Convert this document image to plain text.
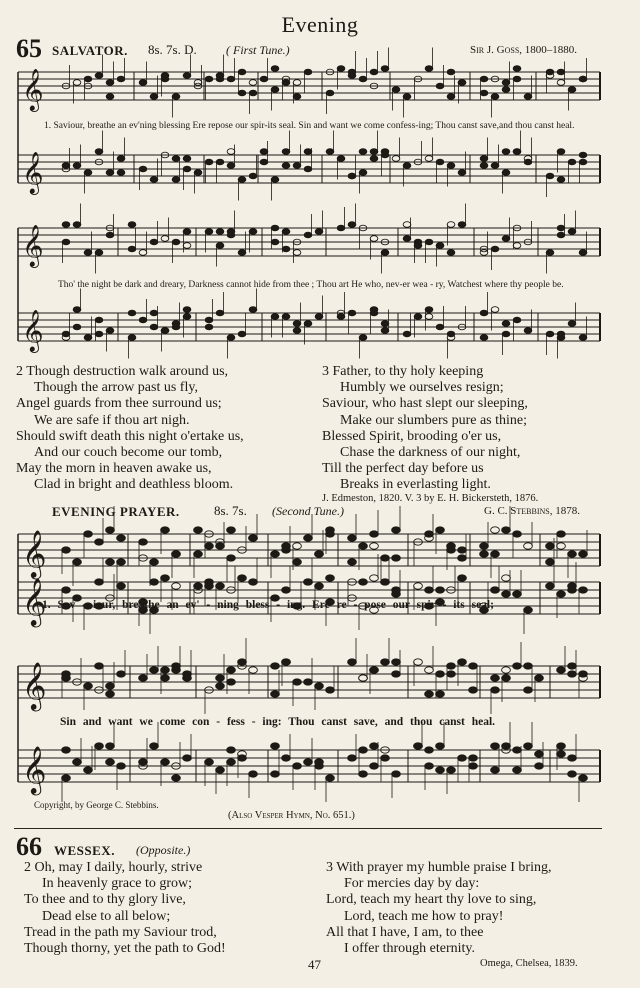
Evening
65 SALVATOR. 8s. 7s. D. ( First Tune.)	Sir J. Goss, 1800–1880.
𝄞
𝄞
𝄞
𝄞
𝄞
𝄞
𝄞
𝄞
1. Saviour, breathe an ev'ning blessing Ere repose our spir-its seal. Sin and want we come confess-ing; Thou canst save,and thou canst heal.
Tho' the night be dark and dreary, Darkness cannot hide from thee ; Thou art He who, nev-er wea - ry, Watchest where thy people be.
2 Though destruction walk around us,
Though the arrow past us fly,
Angel guards from thee surround us;
We are safe if thou art nigh.
Should swift death this night o'ertake us,
And our couch become our tomb,
May the morn in heaven awake us,
Clad in bright and deathless bloom.
3 Father, to thy holy keeping
Humbly we ourselves resign;
Saviour, who hast slept our sleeping,
Make our slumbers pure as thine;
Blessed Spirit, brooding o'er us,
Chase the darkness of our night,
Till the perfect day before us
Breaks in everlasting light.
J. Edmeston, 1820. V. 3 by E. H. Bickersteth, 1876.
EVENING PRAYER.	8s. 7s. (Second Tune.)	G. C. Stebbins, 1878.
1. Sav - iour, breathe an ev' - ning bless - ing. Ere re - pose our spir - its seal;
Sin and want we come con - fess - ing: Thou canst save, and thou canst heal.
Copyright, by George C. Stebbins.
(Also Vesper Hymn, No. 651.)
66 WESSEX. (Opposite.)
2 Oh, may I daily, hourly, strive
In heavenly grace to grow;
To thee and to thy glory live,
Dead else to all below;
Tread in the path my Saviour trod,
Though thorny, yet the path to God!
3 With prayer my humble praise I bring,
For mercies day by day:
Lord, teach my heart thy love to sing,
Lord, teach me how to pray!
All that I have, I am, to thee
I offer through eternity.
Omega, Chelsea, 1839.
47
